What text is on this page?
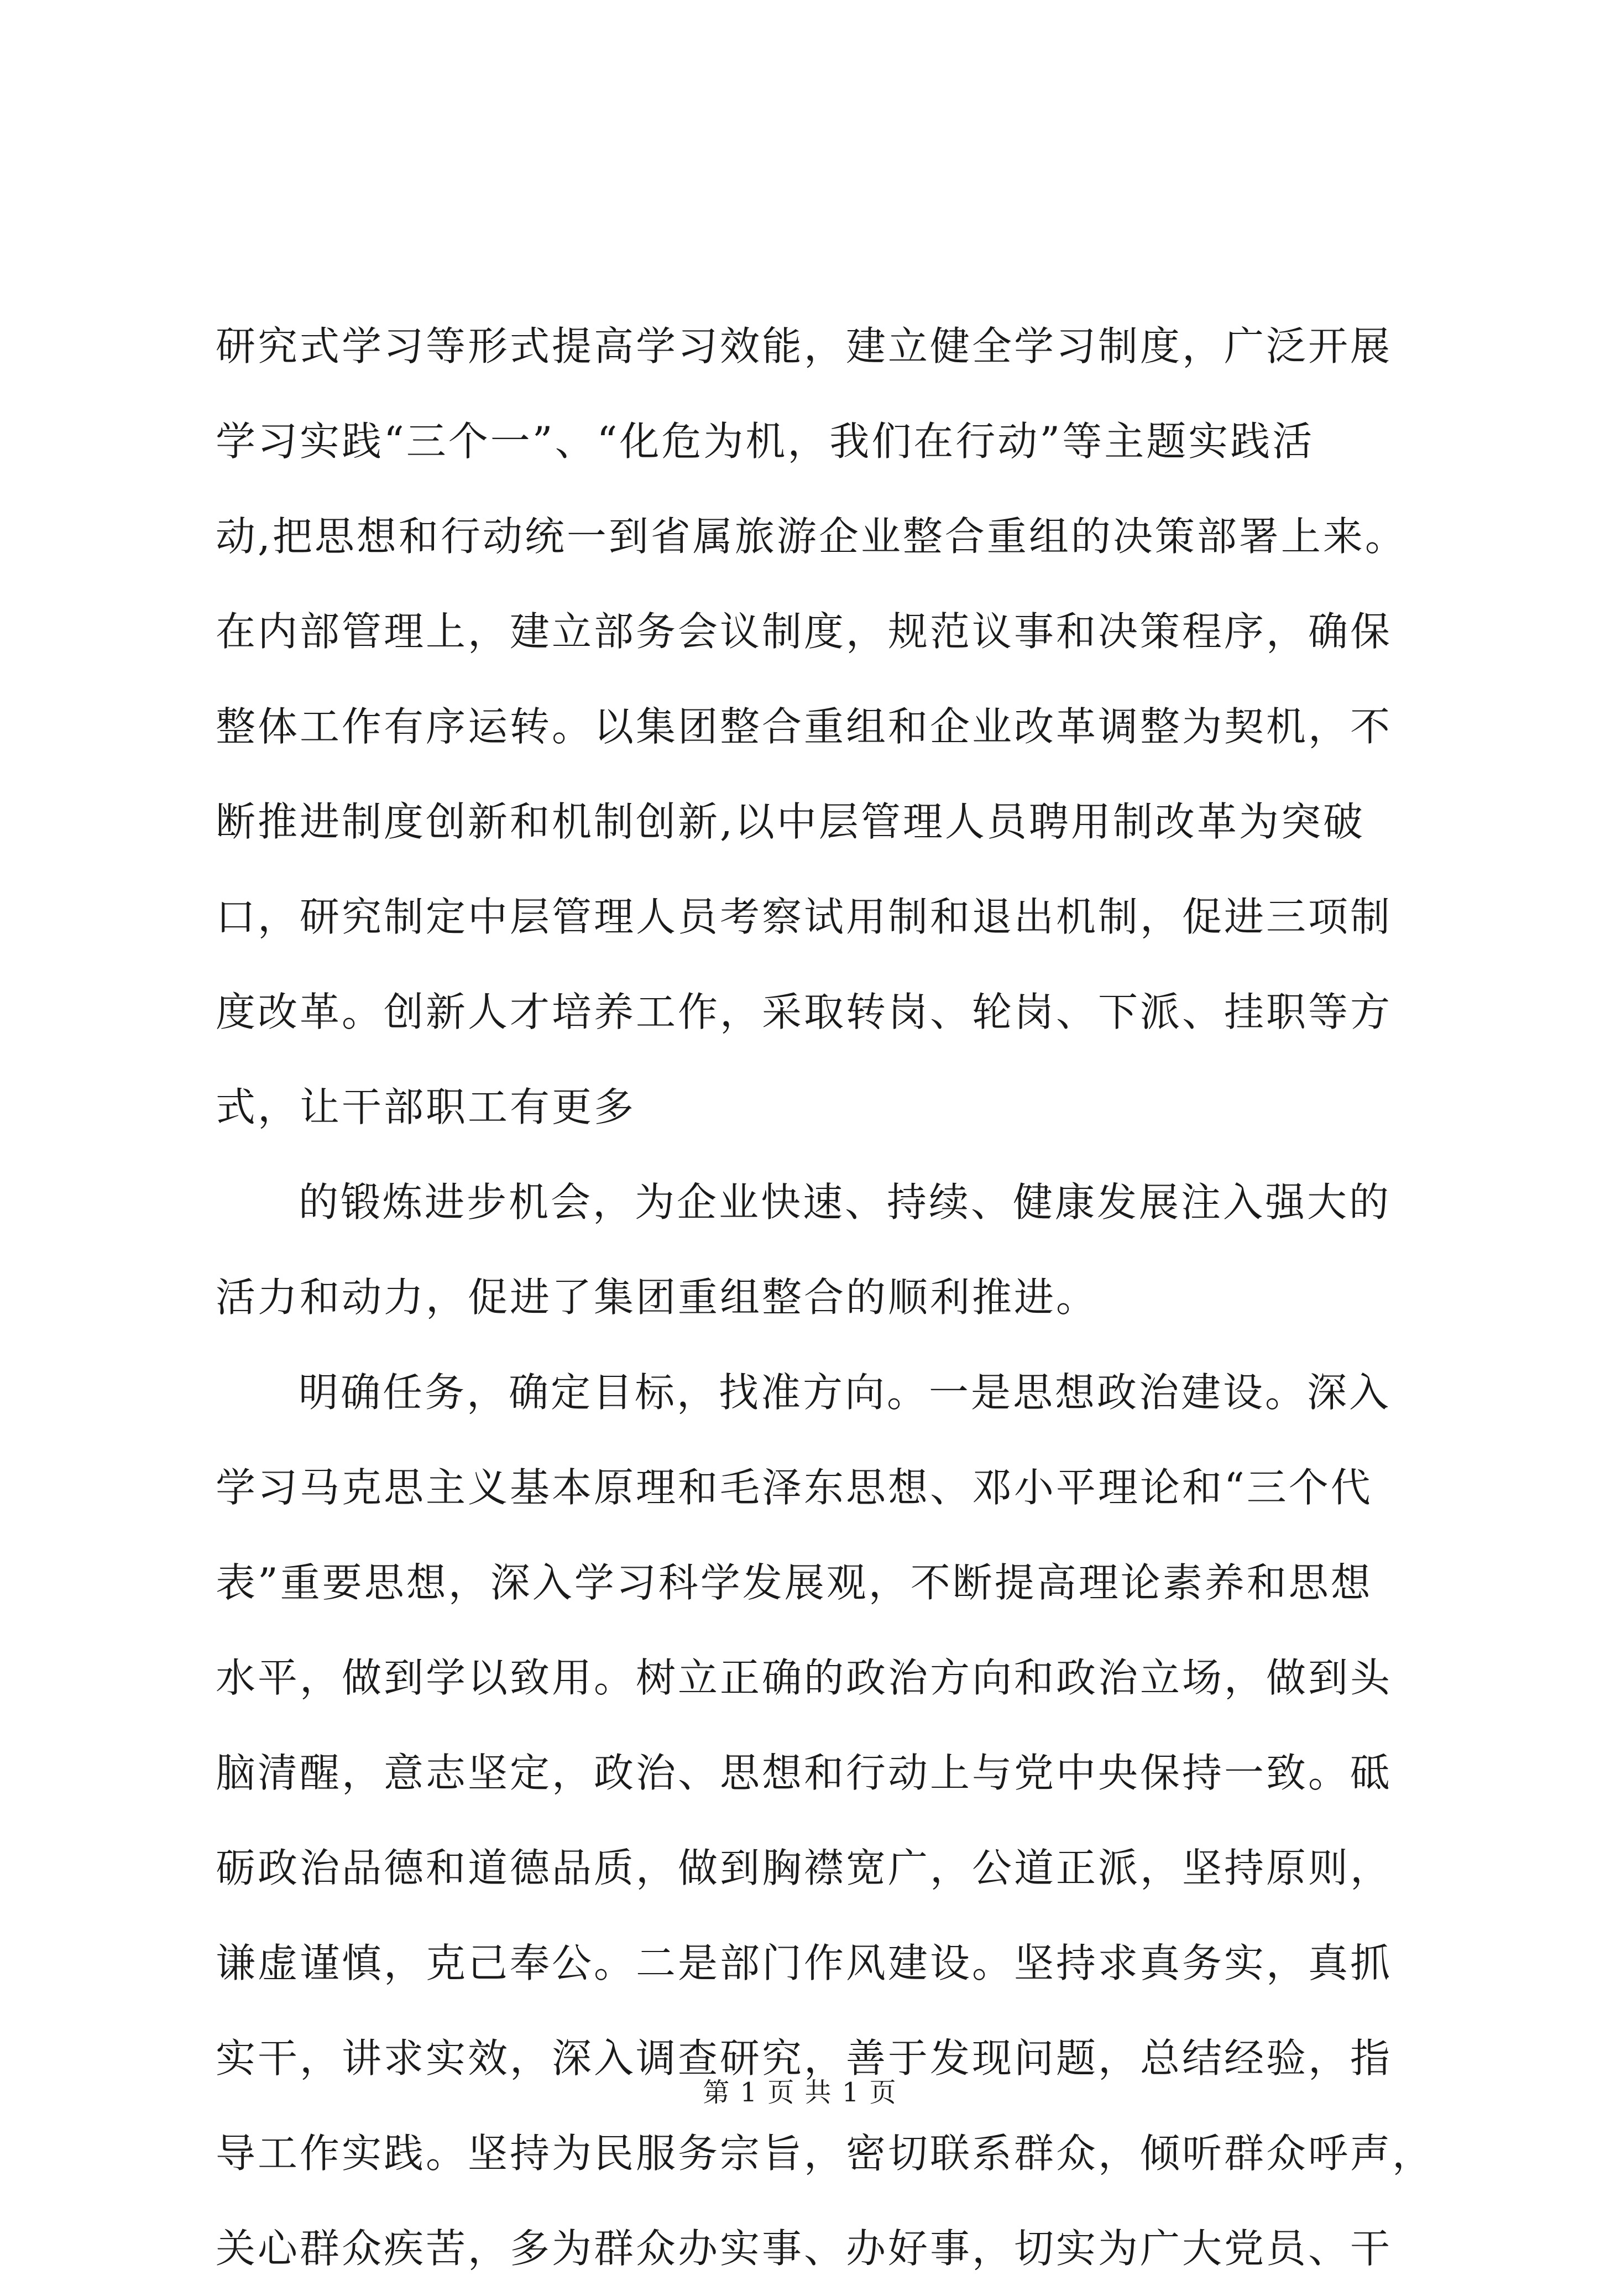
研究式学习等形式提高学习效能，建立健全学习制度，广泛开展
学习实践“三个一”、“化危为机，我们在行动”等主题实践活
动,把思想和行动统一到省属旅游企业整合重组的决策部署上来。
在内部管理上，建立部务会议制度，规范议事和决策程序，确保
整体工作有序运转。以集团整合重组和企业改革调整为契机，不
断推进制度创新和机制创新,以中层管理人员聘用制改革为突破
口，研究制定中层管理人员考察试用制和退出机制，促进三项制
度改革。创新人才培养工作，采取转岗、轮岗、下派、挂职等方
式，让干部职工有更多
的锻炼进步机会，为企业快速、持续、健康发展注入强大的
活力和动力，促进了集团重组整合的顺利推进。
明确任务，确定目标，找准方向。一是思想政治建设。深入
学习马克思主义基本原理和毛泽东思想、邓小平理论和“三个代
表”重要思想，深入学习科学发展观，不断提高理论素养和思想
水平，做到学以致用。树立正确的政治方向和政治立场，做到头
脑清醒，意志坚定，政治、思想和行动上与党中央保持一致。砥
砺政治品德和道德品质，做到胸襟宽广，公道正派，坚持原则，
谦虚谨慎，克己奉公。二是部门作风建设。坚持求真务实，真抓
实干，讲求实效，深入调查研究，善于发现问题，总结经验，指
导工作实践。坚持为民服务宗旨，密切联系群众，倾听群众呼声，
关心群众疾苦，多为群众办实事、办好事，切实为广大党员、干
第 1 页 共 1 页
